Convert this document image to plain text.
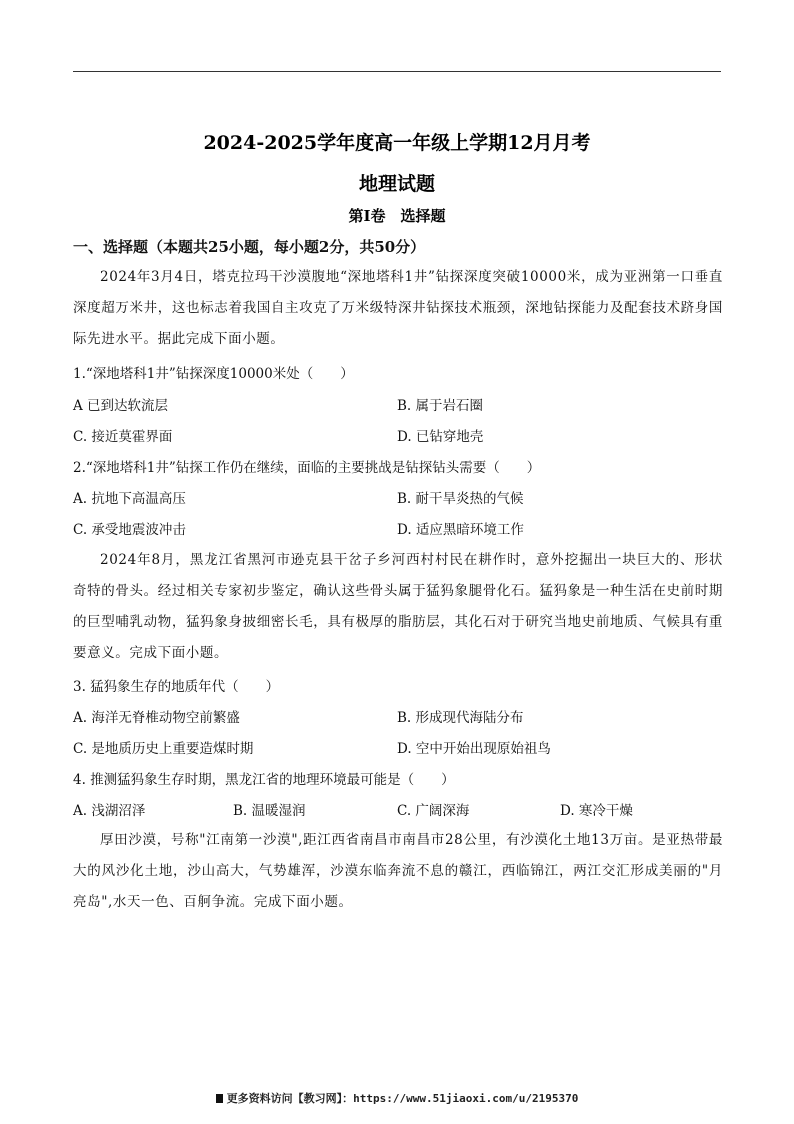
2024-2025学年度高一年级上学期12月月考
地理试题
第I卷　选择题
一、选择题（本题共25小题，每小题2分，共50分）
2024年3月4日，塔克拉玛干沙漠腹地“深地塔科1井”钻探深度突破10000米，成为亚洲第一口垂直深度超万米井，这也标志着我国自主攻克了万米级特深井钻探技术瓶颈，深地钻探能力及配套技术跻身国际先进水平。据此完成下面小题。
1.“深地塔科1井”钻探深度10000米处（　　）
A 已到达软流层	B. 属于岩石圈
C. 接近莫霍界面	D. 已钻穿地壳
2.“深地塔科1井”钻探工作仍在继续，面临的主要挑战是钻探钻头需要（　　）
A. 抗地下高温高压	B. 耐干旱炎热的气候
C. 承受地震波冲击	D. 适应黑暗环境工作
2024年8月，黑龙江省黑河市逊克县干岔子乡河西村村民在耕作时，意外挖掘出一块巨大的、形状奇特的骨头。经过相关专家初步鉴定，确认这些骨头属于猛犸象腿骨化石。猛犸象是一种生活在史前时期的巨型哺乳动物，猛犸象身披细密长毛，具有极厚的脂肪层，其化石对于研究当地史前地质、气候具有重要意义。完成下面小题。
3. 猛犸象生存的地质年代（　　）
A. 海洋无脊椎动物空前繁盛	B. 形成现代海陆分布
C. 是地质历史上重要造煤时期	D. 空中开始出现原始祖鸟
4. 推测猛犸象生存时期，黑龙江省的地理环境最可能是（　　）
A. 浅湖沼泽	B. 温暖湿润	C. 广阔深海	D. 寒冷干燥
厚田沙漠，号称"江南第一沙漠",距江西省南昌市南昌市28公里，有沙漠化土地13万亩。是亚热带最大的风沙化土地，沙山高大，气势雄浑，沙漠东临奔流不息的赣江，西临锦江，两江交汇形成美丽的"月亮岛",水天一色、百舸争流。完成下面小题。
更多资料访问【教习网】：https://www.51jiaoxi.com/u/2195370
